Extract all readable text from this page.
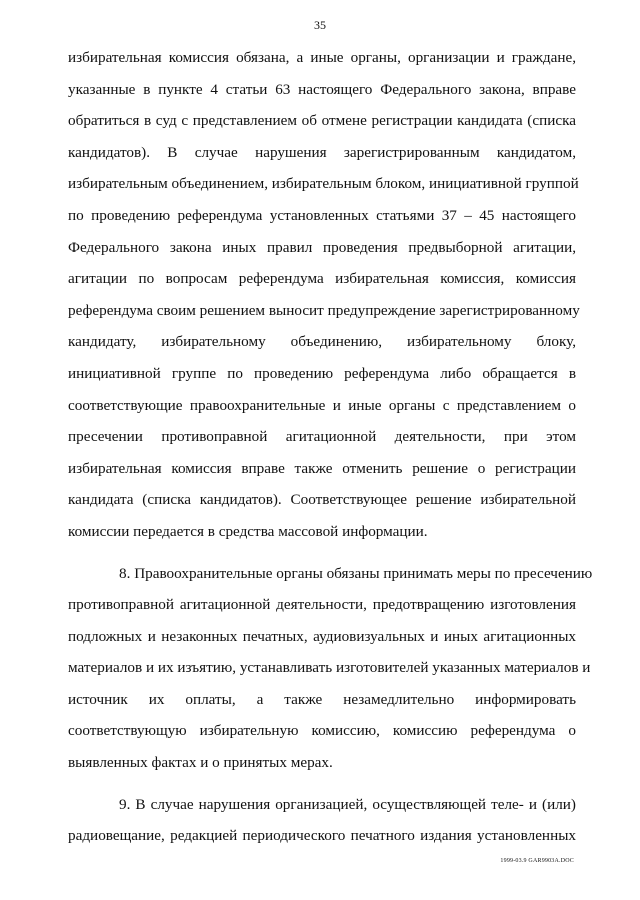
35
избирательная комиссия обязана, а иные органы, организации и граждане,
указанные в пункте 4 статьи 63 настоящего Федерального закона, вправе
обратиться в суд с представлением об отмене регистрации кандидата (списка
кандидатов). В случае нарушения зарегистрированным кандидатом,
избирательным объединением, избирательным блоком, инициативной группой
по проведению референдума установленных статьями 37 – 45 настоящего
Федерального закона иных правил проведения предвыборной агитации,
агитации по вопросам референдума избирательная комиссия, комиссия
референдума своим решением выносит предупреждение зарегистрированному
кандидату, избирательному объединению, избирательному блоку,
инициативной группе по проведению референдума либо обращается в
соответствующие правоохранительные и иные органы с представлением о
пресечении противоправной агитационной деятельности, при этом
избирательная комиссия вправе также отменить решение о регистрации
кандидата (списка кандидатов). Соответствующее решение избирательной
комиссии передается в средства массовой информации.
8. Правоохранительные органы обязаны принимать меры по пресечению
противоправной агитационной деятельности, предотвращению изготовления
подложных и незаконных печатных, аудиовизуальных и иных агитационных
материалов и их изъятию, устанавливать изготовителей указанных материалов и
источник их оплаты, а также незамедлительно информировать
соответствующую избирательную комиссию, комиссию референдума о
выявленных фактах и о принятых мерах.
9. В случае нарушения организацией, осуществляющей теле- и (или)
радиовещание, редакцией периодического печатного издания установленных
1999-03.9 GAR9903A.DOC
